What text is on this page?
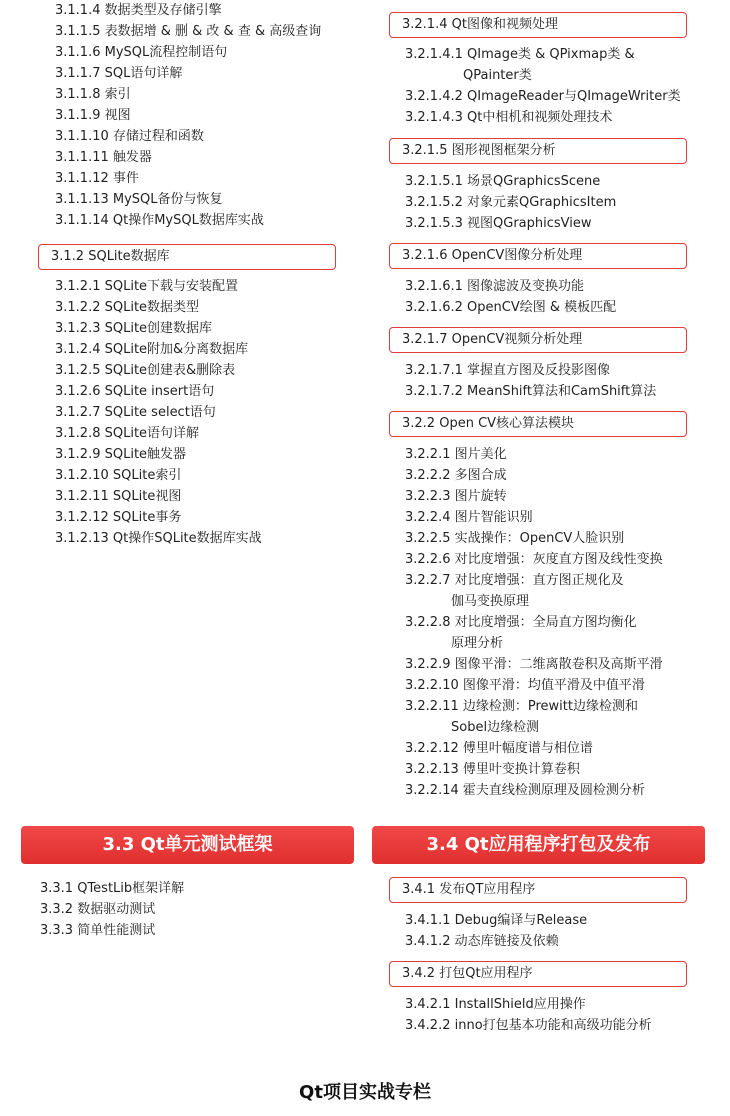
3.1.1.4 数据类型及存储引擎
3.1.1.5 表数据增 & 删 & 改 & 查 & 高级查询
3.1.1.6 MySQL流程控制语句
3.1.1.7 SQL语句详解
3.1.1.8 索引
3.1.1.9 视图
3.1.1.10 存储过程和函数
3.1.1.11 触发器
3.1.1.12 事件
3.1.1.13 MySQL备份与恢复
3.1.1.14 Qt操作MySQL数据库实战
3.1.2 SQLite数据库
3.1.2.1 SQLite下载与安装配置
3.1.2.2 SQLite数据类型
3.1.2.3 SQLite创建数据库
3.1.2.4 SQLite附加&分离数据库
3.1.2.5 SQLite创建表&删除表
3.1.2.6 SQLite insert语句
3.1.2.7 SQLite select语句
3.1.2.8 SQLite语句详解
3.1.2.9 SQLite触发器
3.1.2.10 SQLite索引
3.1.2.11 SQLite视图
3.1.2.12 SQLite事务
3.1.2.13 Qt操作SQLite数据库实战
3.2.1.4 Qt图像和视频处理
3.2.1.4.1 QImage类 & QPixmap类 &
QPainter类
3.2.1.4.2 QImageReader与QImageWriter类
3.2.1.4.3 Qt中相机和视频处理技术
3.2.1.5 图形视图框架分析
3.2.1.5.1 场景QGraphicsScene
3.2.1.5.2 对象元素QGraphicsItem
3.2.1.5.3 视图QGraphicsView
3.2.1.6 OpenCV图像分析处理
3.2.1.6.1 图像滤波及变换功能
3.2.1.6.2 OpenCV绘图 & 模板匹配
3.2.1.7 OpenCV视频分析处理
3.2.1.7.1 掌握直方图及反投影图像
3.2.1.7.2 MeanShift算法和CamShift算法
3.2.2 Open CV核心算法模块
3.2.2.1 图片美化
3.2.2.2 多图合成
3.2.2.3 图片旋转
3.2.2.4 图片智能识别
3.2.2.5 实战操作：OpenCV人脸识别
3.2.2.6 对比度增强：灰度直方图及线性变换
3.2.2.7 对比度增强：直方图正规化及
伽马变换原理
3.2.2.8 对比度增强：全局直方图均衡化
原理分析
3.2.2.9 图像平滑：二维离散卷积及高斯平滑
3.2.2.10 图像平滑：均值平滑及中值平滑
3.2.2.11 边缘检测：Prewitt边缘检测和
Sobel边缘检测
3.2.2.12 傅里叶幅度谱与相位谱
3.2.2.13 傅里叶变换计算卷积
3.2.2.14 霍夫直线检测原理及圆检测分析
3.3 Qt单元测试框架	3.4 Qt应用程序打包及发布
3.3.1 QTestLib框架详解
3.3.2 数据驱动测试
3.3.3 简单性能测试
3.4.1 发布QT应用程序
3.4.1.1 Debug编译与Release
3.4.1.2 动态库链接及依赖
3.4.2 打包Qt应用程序
3.4.2.1 InstallShield应用操作
3.4.2.2 inno打包基本功能和高级功能分析
Qt项目实战专栏
